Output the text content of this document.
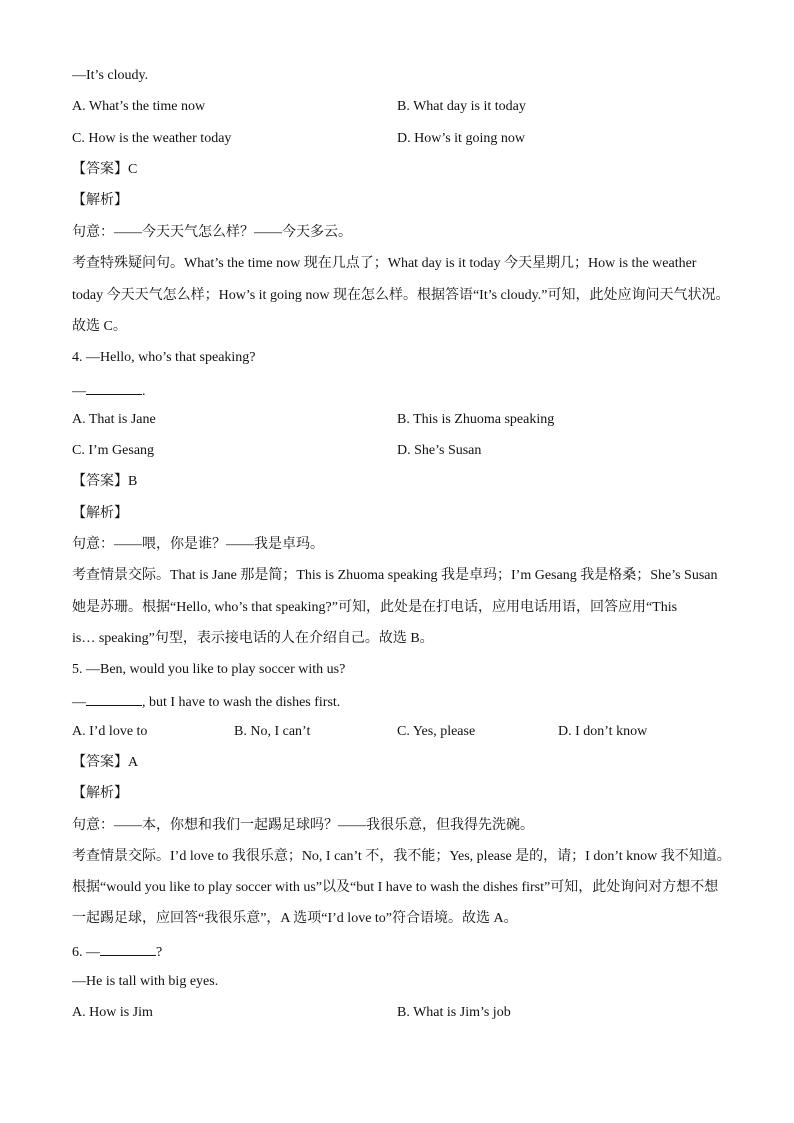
—It’s cloudy.
A. What’s the time now	B. What day is it today
C. How is the weather today	D. How’s it going now
【答案】C
【解析】
句意：——今天天气怎么样？——今天多云。
考查特殊疑问句。What’s the time now 现在几点了；What day is it today 今天星期几；How is the weather
today 今天天气怎么样；How’s it going now 现在怎么样。根据答语“It’s cloudy.”可知，此处应询问天气状况。
故选 C。
4. —Hello, who’s that speaking?
—	.
A. That is Jane	B. This is Zhuoma speaking
C. I’m Gesang	D. She’s Susan
【答案】B
【解析】
句意：——喂，你是谁？——我是卓玛。
考查情景交际。That is Jane 那是简；This is Zhuoma speaking 我是卓玛；I’m Gesang 我是格桑；She’s Susan
她是苏珊。根据“Hello, who’s that speaking?”可知，此处是在打电话，应用电话用语，回答应用“This
is… speaking”句型，表示接电话的人在介绍自己。故选 B。
5. —Ben, would you like to play soccer with us?
—	, but I have to wash the dishes first.
A. I’d love to	B. No, I can’t	C. Yes, please	D. I don’t know
【答案】A
【解析】
句意：——本，你想和我们一起踢足球吗？——我很乐意，但我得先洗碗。
考查情景交际。I’d love to 我很乐意；No, I can’t 不，我不能；Yes, please 是的，请；I don’t know 我不知道。
根据“would you like to play soccer with us”以及“but I have to wash the dishes first”可知，此处询问对方想不想
一起踢足球，应回答“我很乐意”，A 选项“I’d love to”符合语境。故选 A。
6. —	?
—He is tall with big eyes.
A. How is Jim	B. What is Jim’s job
